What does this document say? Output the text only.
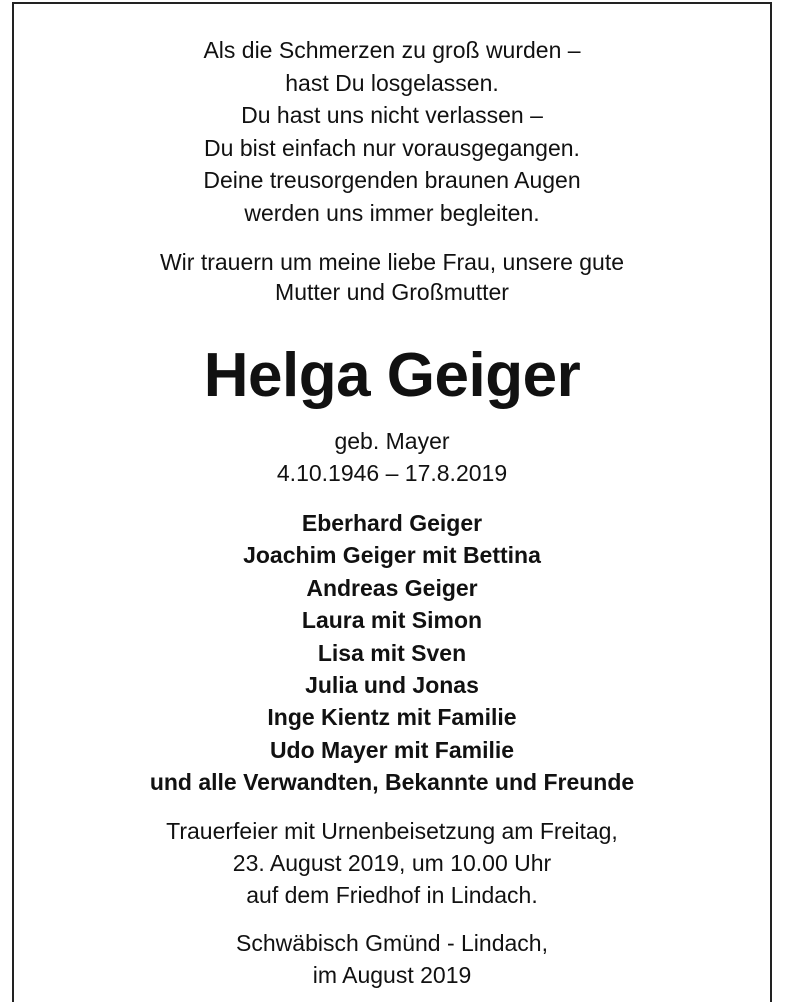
Als die Schmerzen zu groß wurden –
hast Du losgelassen.
Du hast uns nicht verlassen –
Du bist einfach nur vorausgegangen.
Deine treusorgenden braunen Augen
werden uns immer begleiten.
Wir trauern um meine liebe Frau, unsere gute
Mutter und Großmutter
Helga Geiger
geb. Mayer
4.10.1946 – 17.8.2019
Eberhard Geiger
Joachim Geiger mit Bettina
Andreas Geiger
Laura mit Simon
Lisa mit Sven
Julia und Jonas
Inge Kientz mit Familie
Udo Mayer mit Familie
und alle Verwandten, Bekannte und Freunde
Trauerfeier mit Urnenbeisetzung am Freitag,
23. August 2019, um 10.00 Uhr
auf dem Friedhof in Lindach.
Schwäbisch Gmünd - Lindach,
im August 2019
